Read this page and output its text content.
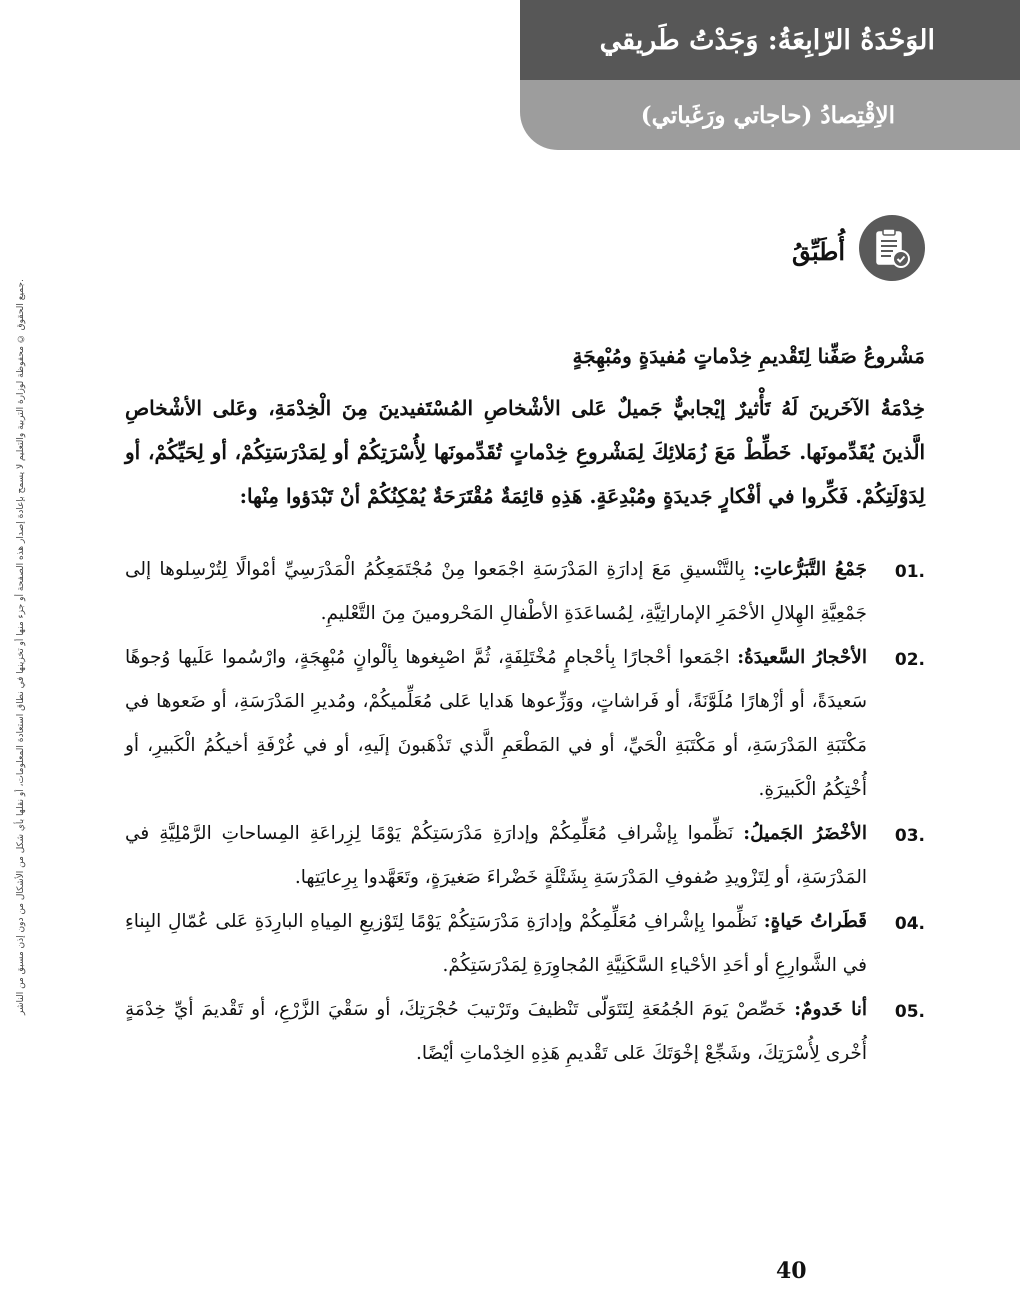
الوَحْدَةُ الرّابِعَةُ: وَجَدْتُ طَريقي
الاِقْتِصادُ (حاجاتي ورَغَباتي)
جميع الحقوق © محفوظة لوزارة التربية والتعليم لا يسمح بإعادة إصدار هذه الصفحة أو جزء منها أو تخزينها في نطاق استعادة المعلومات، أو نقلها بأي شكل من الأشكال من دون إذن مسبق من الناشر.
أُطَبِّقُ
مَشْروعُ صَفِّنا لِتَقْديمِ خِدْماتٍ مُفيدَةٍ ومُبْهِجَةٍ

خِدْمَةُ الآخَرينَ لَهُ تَأْثيرٌ إيْجابيٌّ جَميلٌ عَلى الأشْخاصِ المُسْتَفيدينَ مِنَ الْخِدْمَةِ، وعَلى الأشْخاصِ الَّذينَ يُقَدِّمونَها. خَطِّطْ مَعَ زُمَلائِكَ لِمَشْروعِ خِدْماتٍ تُقَدِّمونَها لِأُسْرَتِكُمْ أو لِمَدْرَسَتِكُمْ، أو لِحَيِّكُمْ، أو لِدَوْلَتِكُمْ. فَكِّروا في أفْكارٍ جَديدَةٍ ومُبْدِعَةٍ. هَذِهِ قائِمَةٌ مُقْتَرَحَةٌ يُمْكِنُكُمْ أنْ تَبْدَؤوا مِنْها:

01.
جَمْعُ التَّبَرُّعاتِ: بِالتَّنْسيقِ مَعَ إدارَةِ المَدْرَسَةِ اجْمَعوا مِنْ مُجْتَمَعِكُمُ الْمَدْرَسِيِّ أمْوالًا لِتُرْسِلوها إلى جَمْعِيَّةِ الهِلالِ الأحْمَرِ الإماراتِيَّةِ، لِمُساعَدَةِ الأطْفالِ المَحْرومينَ مِنَ التَّعْليمِ.
02.
الأحْجارُ السَّعيدَةُ: اجْمَعوا أحْجارًا بِأحْجامٍ مُخْتَلِفَةٍ، ثُمَّ اصْبِغوها بِألْوانٍ مُبْهِجَةٍ، وارْسُموا عَلَيها وُجوهًا سَعيدَةً، أو أزْهارًا مُلَوَّنَةً، أو فَراشاتٍ، ووَزِّعوها هَدايا عَلى مُعَلِّميكُمْ، ومُديرِ المَدْرَسَةِ، أو ضَعوها في مَكْتَبَةِ المَدْرَسَةِ، أو مَكْتَبَةِ الْحَيِّ، أو في المَطْعَمِ الَّذي تَذْهَبونَ إلَيهِ، أو في غُرْفَةِ أخيكُمُ الْكَبيرِ، أو أُخْتِكُمُ الْكَبيرَةِ.
03.
الأخْضَرُ الجَميلُ: نَظِّموا بِإشْرافِ مُعَلِّمِكُمْ وإدارَةِ مَدْرَسَتِكُمْ يَوْمًا لِزِراعَةِ المِساحاتِ الرَّمْلِيَّةِ في المَدْرَسَةِ، أو لِتَزْويدِ صُفوفِ المَدْرَسَةِ بِشَتْلَةٍ خَضْراءَ صَغيرَةٍ، وتَعَهَّدوا بِرِعايَتِها.
04.
قَطَراتُ حَياةٍ: نَظِّموا بِإشْرافِ مُعَلِّمِكُمْ وإدارَةِ مَدْرَسَتِكُمْ يَوْمًا لِتَوْزيعِ المِياهِ البارِدَةِ عَلى عُمّالِ البِناءِ في الشَّوارِعِ أو أحَدِ الأحْياءِ السَّكَنِيَّةِ المُجاوِرَةِ لِمَدْرَسَتِكُمْ.
05.
أنا خَدومٌ: خَصِّصْ يَومَ الجُمُعَةِ لِتَتَوَلّى تَنْظيفَ وتَرْتيبَ حُجْرَتِكَ، أو سَقْيَ الزَّرْعِ، أو تَقْديمَ أيِّ خِدْمَةٍ أُخْرى لِأُسْرَتِكَ، وشَجِّعْ إخْوَتَكَ عَلى تَقْديمِ هَذِهِ الخِدْماتِ أيْضًا.
40
